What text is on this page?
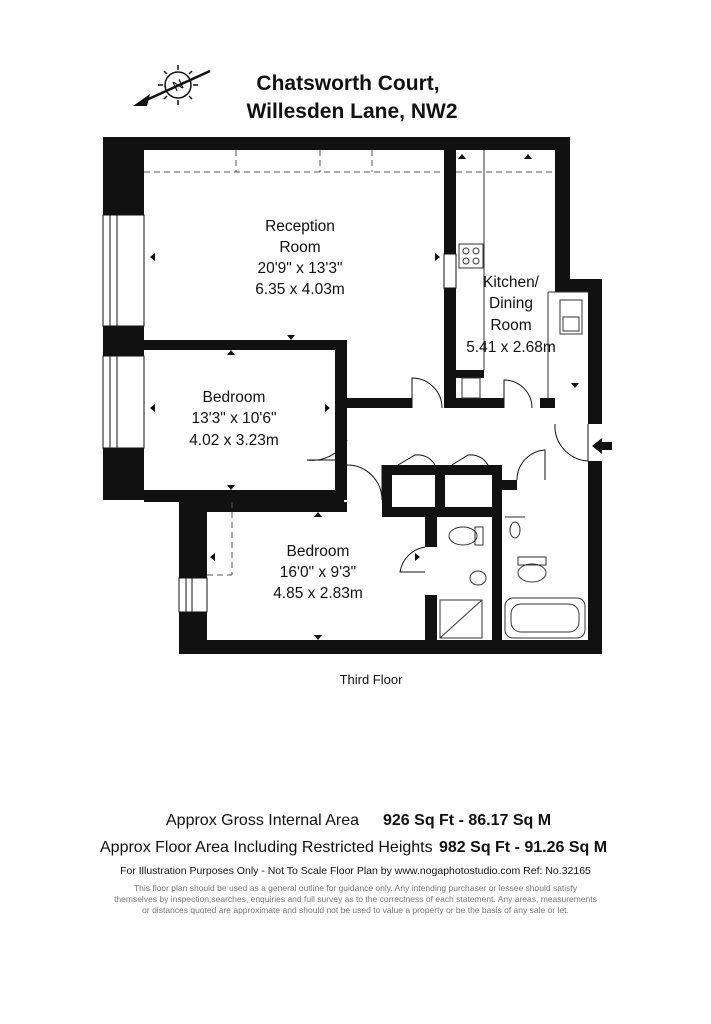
N	Chatsworth Court,
Willesden Lane, NW2
Reception
Room
20'9" x 13'3"
6.35 x 4.03m	Kitchen/
Dining
Room
5.41 x 2.68m
Bedroom
13'3" x 10'6"
4.02 x 3.23m
Bedroom
16'0" x 9'3"
4.85 x 2.83m
Third Floor
Approx Gross Internal Area 926 Sq Ft - 86.17 Sq M
Approx Floor Area Including Restricted Heights 982 Sq Ft - 91.26 Sq M
For Illustration Purposes Only - Not To Scale Floor Plan by www.nogaphotostudio.com Ref: No.32165
This floor plan should be used as a general outline for guidance only. Any intending purchaser or lessee should satisfy
themselves by inspection,searches, enquiries and full survey as to the correctness of each statement. Any areas, measurements
or distances quoted are approximate and should not be used to value a property or be the basis of any sale or let.
